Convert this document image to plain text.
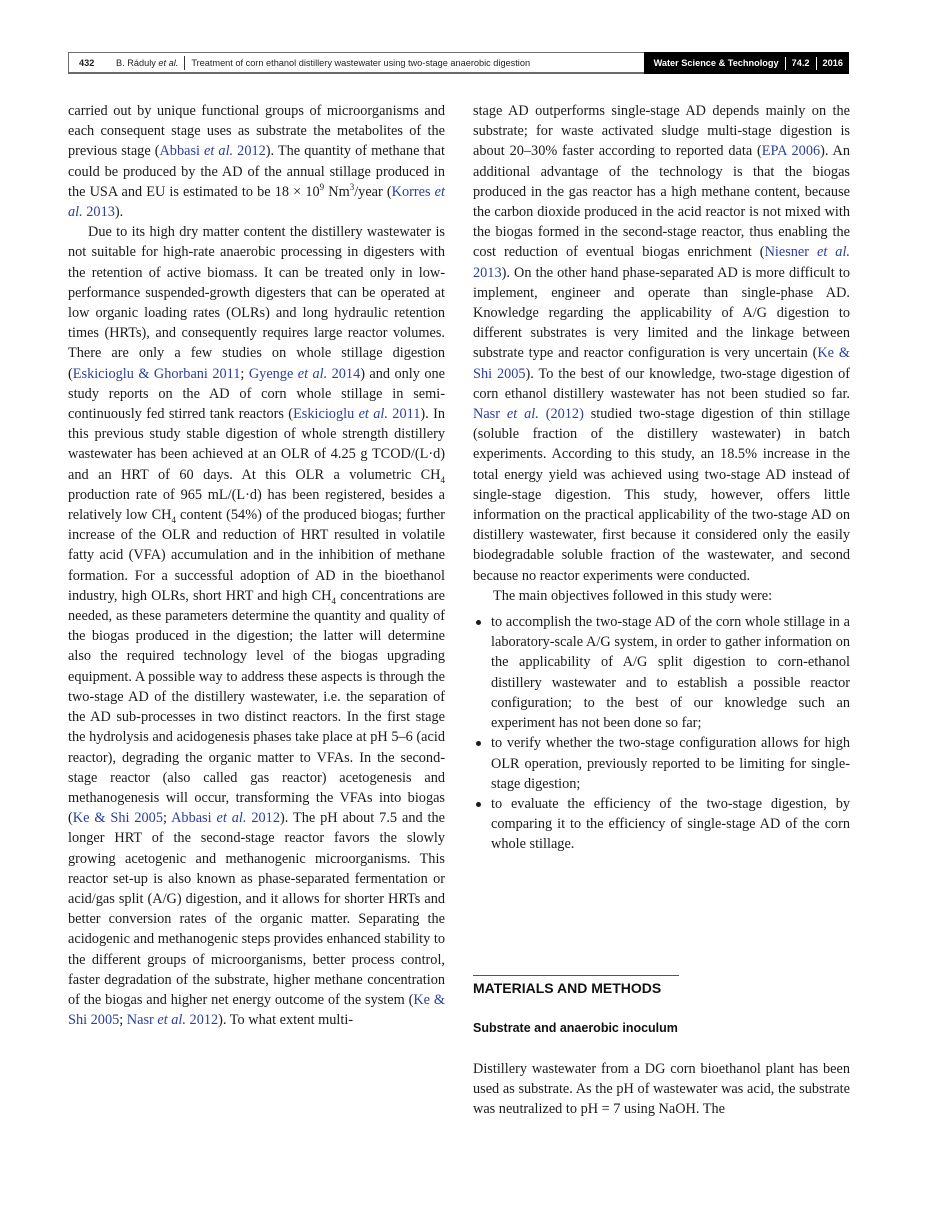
432	B. Ráduly et al. Treatment of corn ethanol distillery wastewater using two-stage anaerobic digestion	Water Science & Technology 74.2 2016

carried out by unique functional groups of microorganisms and each consequent stage uses as substrate the metabolites of the previous stage (Abbasi et al. 2012). The quantity of methane that could be produced by the AD of the annual stillage produced in the USA and EU is estimated to be $18 \times 10^9$ Nm$^3$/year (Korres et al. 2013).

Due to its high dry matter content the distillery wastewater is not suitable for high-rate anaerobic processing in digesters with the retention of active biomass. It can be treated only in low-performance suspended-growth digesters that can be operated at low organic loading rates (OLRs) and long hydraulic retention times (HRTs), and consequently requires large reactor volumes. There are only a few studies on whole stillage digestion (Eskicioglu & Ghorbani 2011; Gyenge et al. 2014) and only one study reports on the AD of corn whole stillage in semi-continuously fed stirred tank reactors (Eskicioglu et al. 2011). In this previous study stable digestion of whole strength distillery wastewater has been achieved at an OLR of 4.25 g TCOD/(L·d) and an HRT of 60 days. At this OLR a volumetric $CH_4$ production rate of 965 mL/(L·d) has been registered, besides a relatively low $CH_4$ content (54%) of the produced biogas; further increase of the OLR and reduction of HRT resulted in volatile fatty acid (VFA) accumulation and in the inhibition of methane formation. For a successful adoption of AD in the bioethanol industry, high OLRs, short HRT and high $CH_4$ concentrations are needed, as these parameters determine the quantity and quality of the biogas produced in the digestion; the latter will determine also the required technology level of the biogas upgrading equipment. A possible way to address these aspects is through the two-stage AD of the distillery wastewater, i.e. the separation of the AD sub-processes in two distinct reactors. In the first stage the hydrolysis and acidogenesis phases take place at pH 5–6 (acid reactor), degrading the organic matter to VFAs. In the second-stage reactor (also called gas reactor) acetogenesis and methanogenesis will occur, transforming the VFAs into biogas (Ke & Shi 2005; Abbasi et al. 2012). The pH about 7.5 and the longer HRT of the second-stage reactor favors the slowly growing acetogenic and methanogenic microorganisms. This reactor set-up is also known as phase-separated fermentation or acid/gas split (A/G) digestion, and it allows for shorter HRTs and better conversion rates of the organic matter. Separating the acidogenic and methanogenic steps provides enhanced stability to the different groups of microorganisms, better process control, faster degradation of the substrate, higher methane concentration of the biogas and higher net energy outcome of the system (Ke & Shi 2005; Nasr et al. 2012). To what extent multi-

stage AD outperforms single-stage AD depends mainly on the substrate; for waste activated sludge multi-stage digestion is about 20–30% faster according to reported data (EPA 2006). An additional advantage of the technology is that the biogas produced in the gas reactor has a high methane content, because the carbon dioxide produced in the acid reactor is not mixed with the biogas formed in the second-stage reactor, thus enabling the cost reduction of eventual biogas enrichment (Niesner et al. 2013). On the other hand phase-separated AD is more difficult to implement, engineer and operate than single-phase AD. Knowledge regarding the applicability of A/G digestion to different substrates is very limited and the linkage between substrate type and reactor configuration is very uncertain (Ke & Shi 2005). To the best of our knowledge, two-stage digestion of corn ethanol distillery wastewater has not been studied so far. Nasr et al. (2012) studied two-stage digestion of thin stillage (soluble fraction of the distillery wastewater) in batch experiments. According to this study, an 18.5% increase in the total energy yield was achieved using two-stage AD instead of single-stage digestion. This study, however, offers little information on the practical applicability of the two-stage AD on distillery wastewater, first because it considered only the easily biodegradable soluble fraction of the wastewater, and second because no reactor experiments were conducted.

The main objectives followed in this study were:

to accomplish the two-stage AD of the corn whole stillage in a laboratory-scale A/G system, in order to gather information on the applicability of A/G split digestion to corn-ethanol distillery wastewater and to establish a possible reactor configuration; to the best of our knowledge such an experiment has not been done so far;
to verify whether the two-stage configuration allows for high OLR operation, previously reported to be limiting for single-stage digestion;
to evaluate the efficiency of the two-stage digestion, by comparing it to the efficiency of single-stage AD of the corn whole stillage.
MATERIALS AND METHODS
Substrate and anaerobic inoculum

Distillery wastewater from a DG corn bioethanol plant has been used as substrate. As the pH of wastewater was acid, the substrate was neutralized to pH = 7 using NaOH. The
